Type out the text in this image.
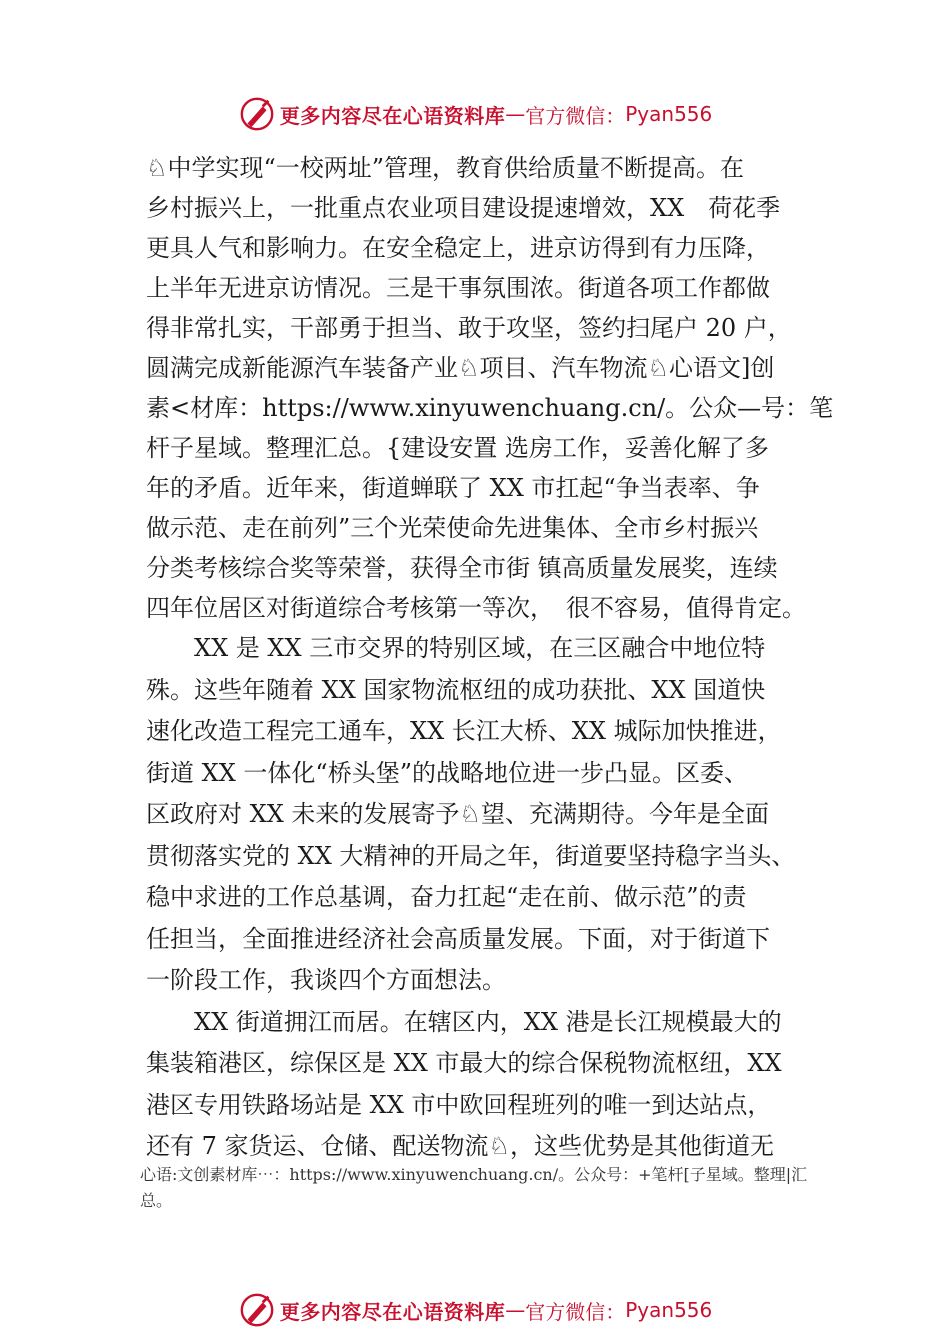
更多内容尽在心语资料库 — 官方微信： Pyan556
♘中学实现“一校两址”管理，教育供给质量不断提高。在
乡村振兴上，一批重点农业项目建设提速增效，XX　荷花季
更具人气和影响力。在安全稳定上，进京访得到有力压降，
上半年无进京访情况。三是干事氛围浓。街道各项工作都做
得非常扎实，干部勇于担当、敢于攻坚，签约扫尾户 20 户，
圆满完成新能源汽车装备产业♘项目、汽车物流♘心语文]创
素<材库：https://www.xinyuwenchuang.cn/。公众—号：笔
杆子星域。整理汇总。{建设安置 选房工作，妥善化解了多
年的矛盾。近年来，街道蝉联了 XX 市扛起“争当表率、争
做示范、走在前列”三个光荣使命先进集体、全市乡村振兴
分类考核综合奖等荣誉，获得全市街 镇高质量发展奖，连续
四年位居区对街道综合考核第一等次，　很不容易，值得肯定。
XX 是 XX 三市交界的特别区域，在三区融合中地位特
殊。这些年随着 XX 国家物流枢纽的成功获批、XX 国道快
速化改造工程完工通车，XX 长江大桥、XX 城际加快推进，
街道 XX 一体化“桥头堡”的战略地位进一步凸显。区委、
区政府对 XX 未来的发展寄予♘望、充满期待。今年是全面
贯彻落实党的 XX 大精神的开局之年，街道要坚持稳字当头、
稳中求进的工作总基调，奋力扛起“走在前、做示范”的责
任担当，全面推进经济社会高质量发展。下面，对于街道下
一阶段工作，我谈四个方面想法。
XX 街道拥江而居。在辖区内，XX 港是长江规模最大的
集装箱港区，综保区是 XX 市最大的综合保税物流枢纽，XX
港区专用铁路场站是 XX 市中欧回程班列的唯一到达站点，
还有 7 家货运、仓储、配送物流♘，这些优势是其他街道无
心语:文创素材库⋯：https://www.xinyuwenchuang.cn/。公众号：+笔杆[子星域。整理|汇
总。
更多内容尽在心语资料库 — 官方微信： Pyan556
